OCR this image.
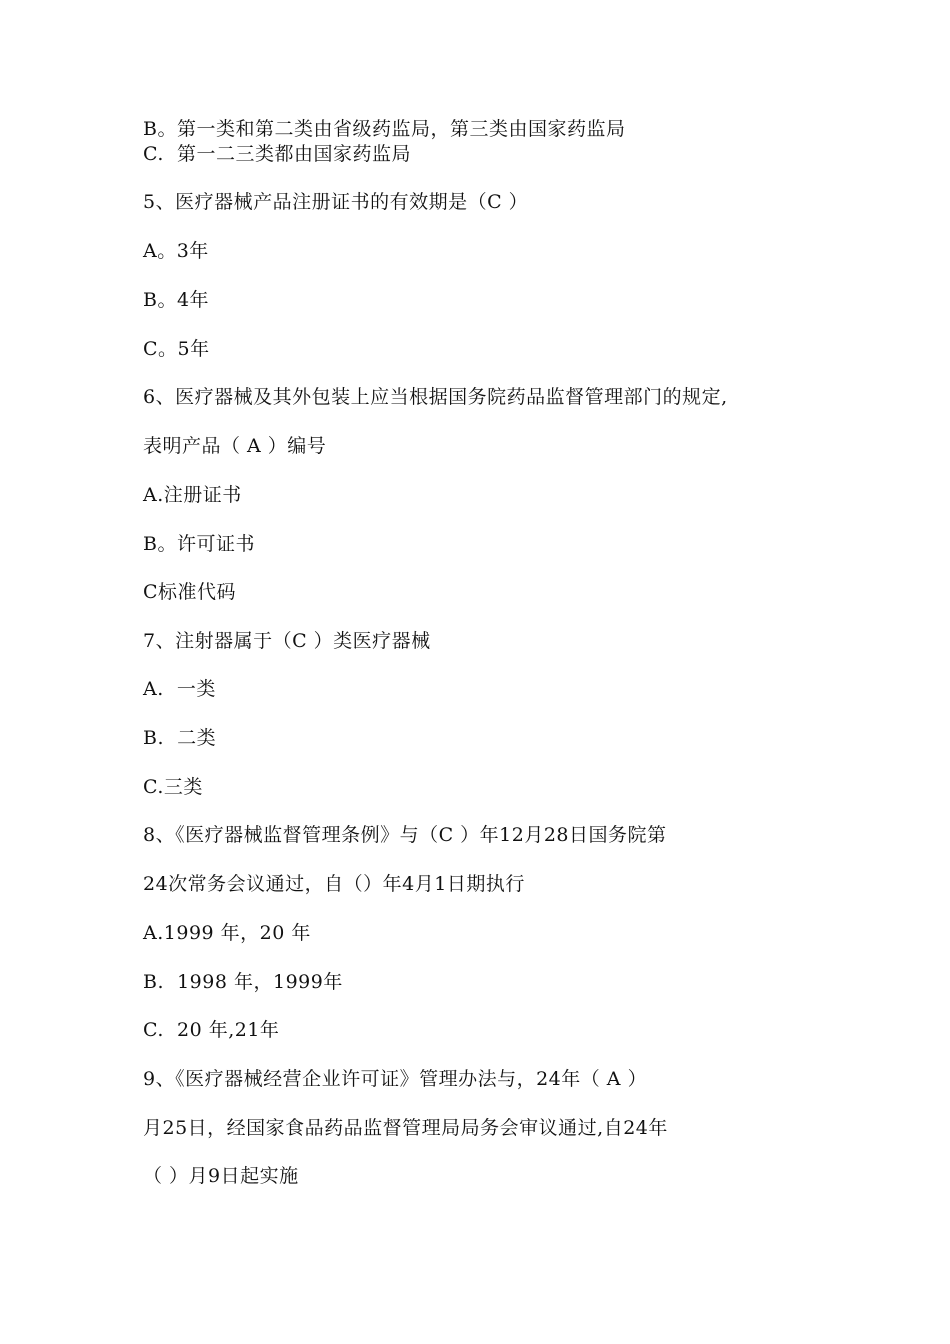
B。第一类和第二类由省级药监局，第三类由国家药监局
C.  第一二三类都由国家药监局
5、医疗器械产品注册证书的有效期是（C ）
A。3年
B。4年
C。5年
6、医疗器械及其外包装上应当根据国务院药品监督管理部门的规定,
表明产品（ A ）编号
A.注册证书
B。许可证书
C标准代码
7、注射器属于（C ）类医疗器械
A.  一类
B.  二类
C.三类
8、《医疗器械监督管理条例》与（C ）年12月28日国务院第
24次常务会议通过，自（）年4月1日期执行
A.1999 年，20 年
B.  1998 年，1999年
C.  20 年,21年
9、《医疗器械经营企业许可证》管理办法与，24年（ A ）
月25日，经国家食品药品监督管理局局务会审议通过,自24年
（ ）月9日起实施
